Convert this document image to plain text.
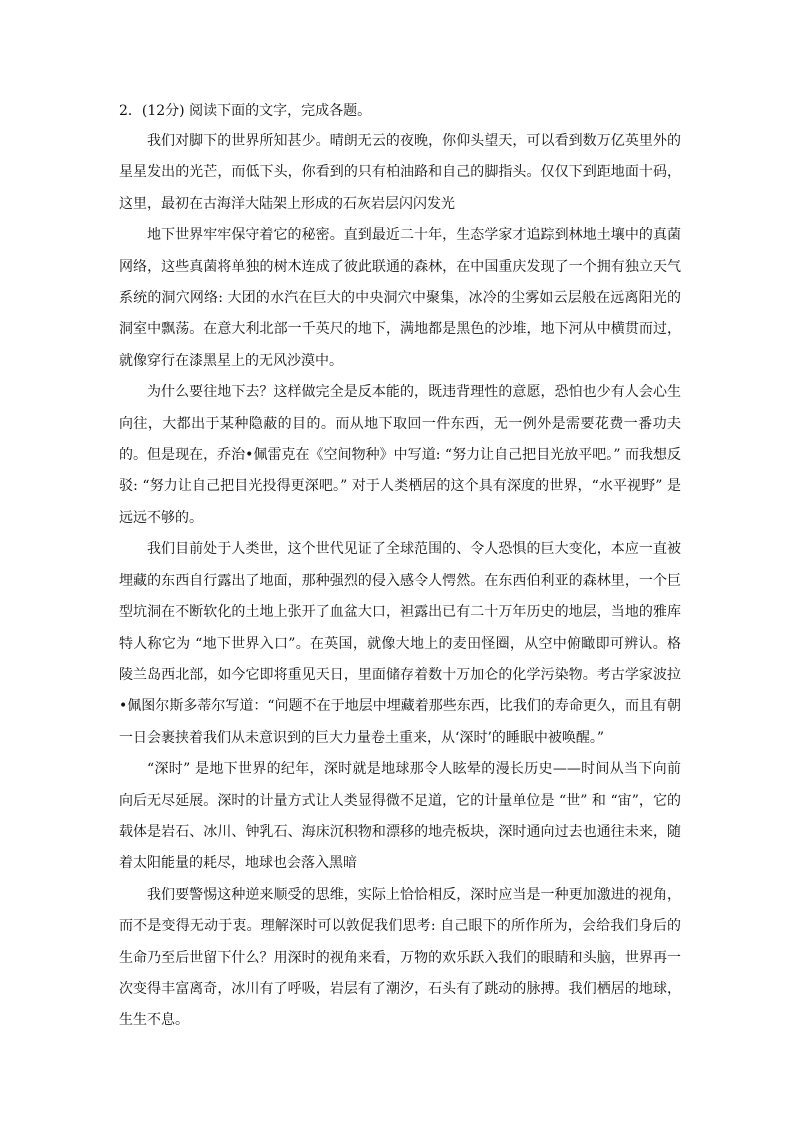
2．(12分) 阅读下面的文字，完成各题。

我们对脚下的世界所知甚少。晴朗无云的夜晚，你仰头望天，可以看到数万亿英里外的星星发出的光芒，而低下头，你看到的只有柏油路和自己的脚指头。仅仅下到距地面十码，这里，最初在古海洋大陆架上形成的石灰岩层闪闪发光

地下世界牢牢保守着它的秘密。直到最近二十年，生态学家才追踪到林地土壤中的真菌网络，这些真菌将单独的树木连成了彼此联通的森林，在中国重庆发现了一个拥有独立天气系统的洞穴网络: 大团的水汽在巨大的中央洞穴中聚集，冰冷的尘雾如云层般在远离阳光的洞室中飘荡。在意大利北部一千英尺的地下，满地都是黑色的沙堆，地下河从中横贯而过，就像穿行在漆黑星上的无风沙漠中。

为什么要往地下去？这样做完全是反本能的，既违背理性的意愿，恐怕也少有人会心生向往，大都出于某种隐蔽的目的。而从地下取回一件东西，无一例外是需要花费一番功夫的。但是现在，乔治•佩雷克在《空间物种》中写道: “努力让自己把目光放平吧。” 而我想反驳: “努力让自己把目光投得更深吧。” 对于人类栖居的这个具有深度的世界，“水平视野” 是远远不够的。

我们目前处于人类世，这个世代见证了全球范围的、令人恐惧的巨大变化，本应一直被埋藏的东西自行露出了地面，那种强烈的侵入感令人愕然。在东西伯利亚的森林里，一个巨型坑洞在不断软化的土地上张开了血盆大口，袒露出已有二十万年历史的地层，当地的雅库特人称它为 “地下世界入口”。在英国，就像大地上的麦田怪圈，从空中俯瞰即可辨认。格陵兰岛西北部，如今它即将重见天日，里面储存着数十万加仑的化学污染物。考古学家波拉•佩图尔斯多蒂尔写道：“问题不在于地层中埋藏着那些东西，比我们的寿命更久，而且有朝一日会裹挟着我们从未意识到的巨大力量卷土重来，从‘深时’的睡眠中被唤醒。”

“深时” 是地下世界的纪年，深时就是地球那令人眩晕的漫长历史——时间从当下向前向后无尽延展。深时的计量方式让人类显得微不足道，它的计量单位是 “世” 和 “宙”，它的载体是岩石、冰川、钟乳石、海床沉积物和漂移的地壳板块，深时通向过去也通往未来，随着太阳能量的耗尽，地球也会落入黑暗

我们要警惕这种逆来顺受的思维，实际上恰恰相反，深时应当是一种更加激进的视角，而不是变得无动于衷。理解深时可以敦促我们思考: 自己眼下的所作所为，会给我们身后的生命乃至后世留下什么？用深时的视角来看，万物的欢乐跃入我们的眼睛和头脑，世界再一次变得丰富离奇，冰川有了呼吸，岩层有了潮汐，石头有了跳动的脉搏。我们栖居的地球，生生不息。
